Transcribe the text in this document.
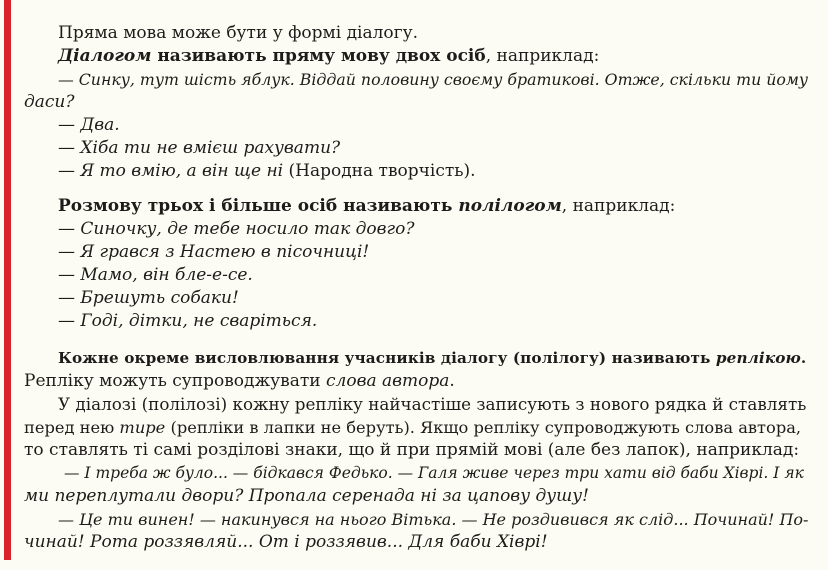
Пряма мова може бути у формі діалогу.

Діалогом називають пряму мову двох осіб, наприклад:

— Синку, тут шість яблук. Віддай половину своєму братикові. Отже, скільки ти йому

даси?

— Два.

— Хіба ти не вмієш рахувати?

— Я то вмію, а він ще ні (Народна творчість).

Розмову трьох і більше осіб називають полілогом, наприклад:

— Синочку, де тебе носило так довго?

— Я грався з Настею в пісочниці!

— Мамо, він бле-е-се.

— Брешуть собаки!

— Годі, дітки, не сваріться.

Кожне окреме висловлювання учасників діалогу (полілогу) називають реплікою.

Репліку можуть супроводжувати слова автора.

У діалозі (полілозі) кожну репліку найчастіше записують з нового рядка й ставлять

перед нею тире (репліки в лапки не беруть). Якщо репліку супроводжують слова автора,

то ставлять ті самі розділові знаки, що й при прямій мові (але без лапок), наприклад:

— І треба ж було... — бідкався Федько. — Галя живе через три хати від баби Хіврі. І як

ми переплутали двори? Пропала серенада ні за цапову душу!

— Це ти винен! — накинувся на нього Вітька. — Не роздивився як слід... Починай! По-

чинай! Рота роззявляй... От і роззявив... Для баби Хіврі!
